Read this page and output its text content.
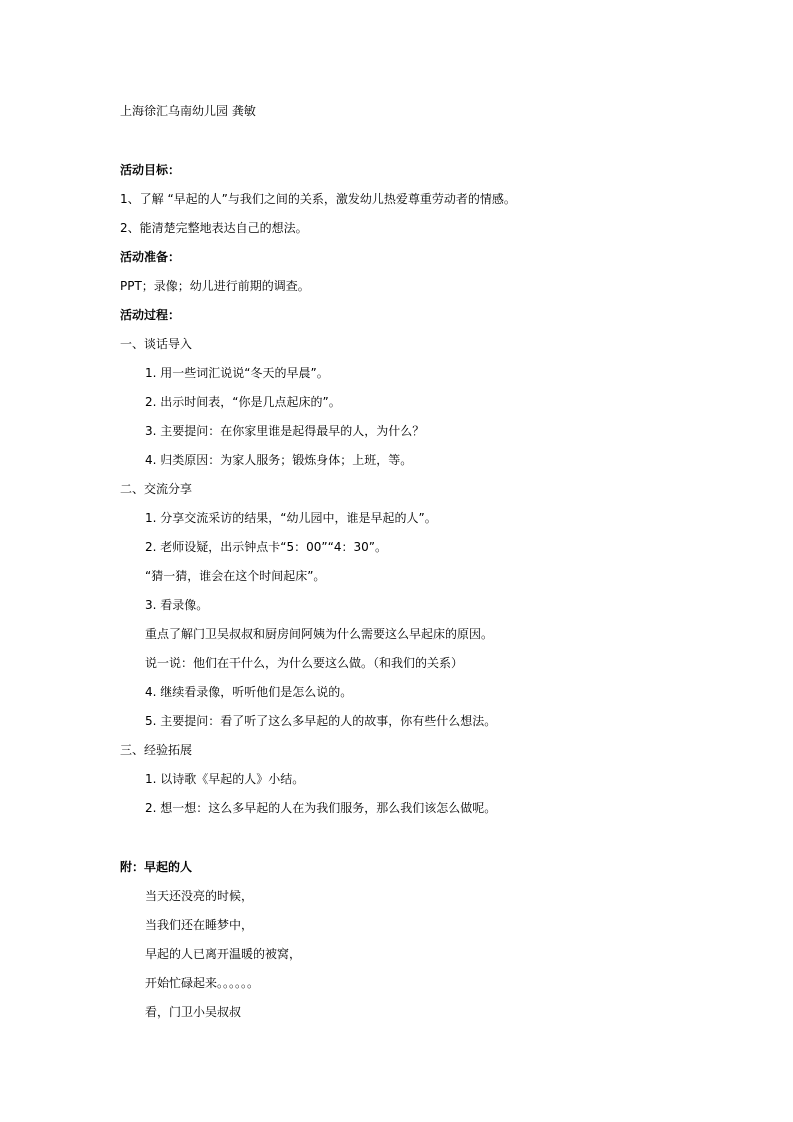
上海徐汇乌南幼儿园 龚敏
活动目标：
1、了解 “早起的人”与我们之间的关系，激发幼儿热爱尊重劳动者的情感。
2、能清楚完整地表达自己的想法。
活动准备：
PPT；录像；幼儿进行前期的调查。
活动过程：
一、谈话导入
1. 用一些词汇说说“冬天的早晨”。
2. 出示时间表，“你是几点起床的”。
3. 主要提问：在你家里谁是起得最早的人，为什么？
4. 归类原因：为家人服务；锻炼身体；上班，等。
二、交流分享
1. 分享交流采访的结果，“幼儿园中，谁是早起的人”。
2. 老师设疑，出示钟点卡“5：00”“4：30”。
“猜一猜，谁会在这个时间起床”。
3. 看录像。
重点了解门卫吴叔叔和厨房间阿姨为什么需要这么早起床的原因。
说一说：他们在干什么，为什么要这么做。（和我们的关系）
4. 继续看录像，听听他们是怎么说的。
5. 主要提问：看了听了这么多早起的人的故事，你有些什么想法。
三、经验拓展
1. 以诗歌《早起的人》小结。
2. 想一想：这么多早起的人在为我们服务，那么我们该怎么做呢。
附：早起的人
当天还没亮的时候，
当我们还在睡梦中，
早起的人已离开温暖的被窝，
开始忙碌起来。。。。。。
看，门卫小吴叔叔
